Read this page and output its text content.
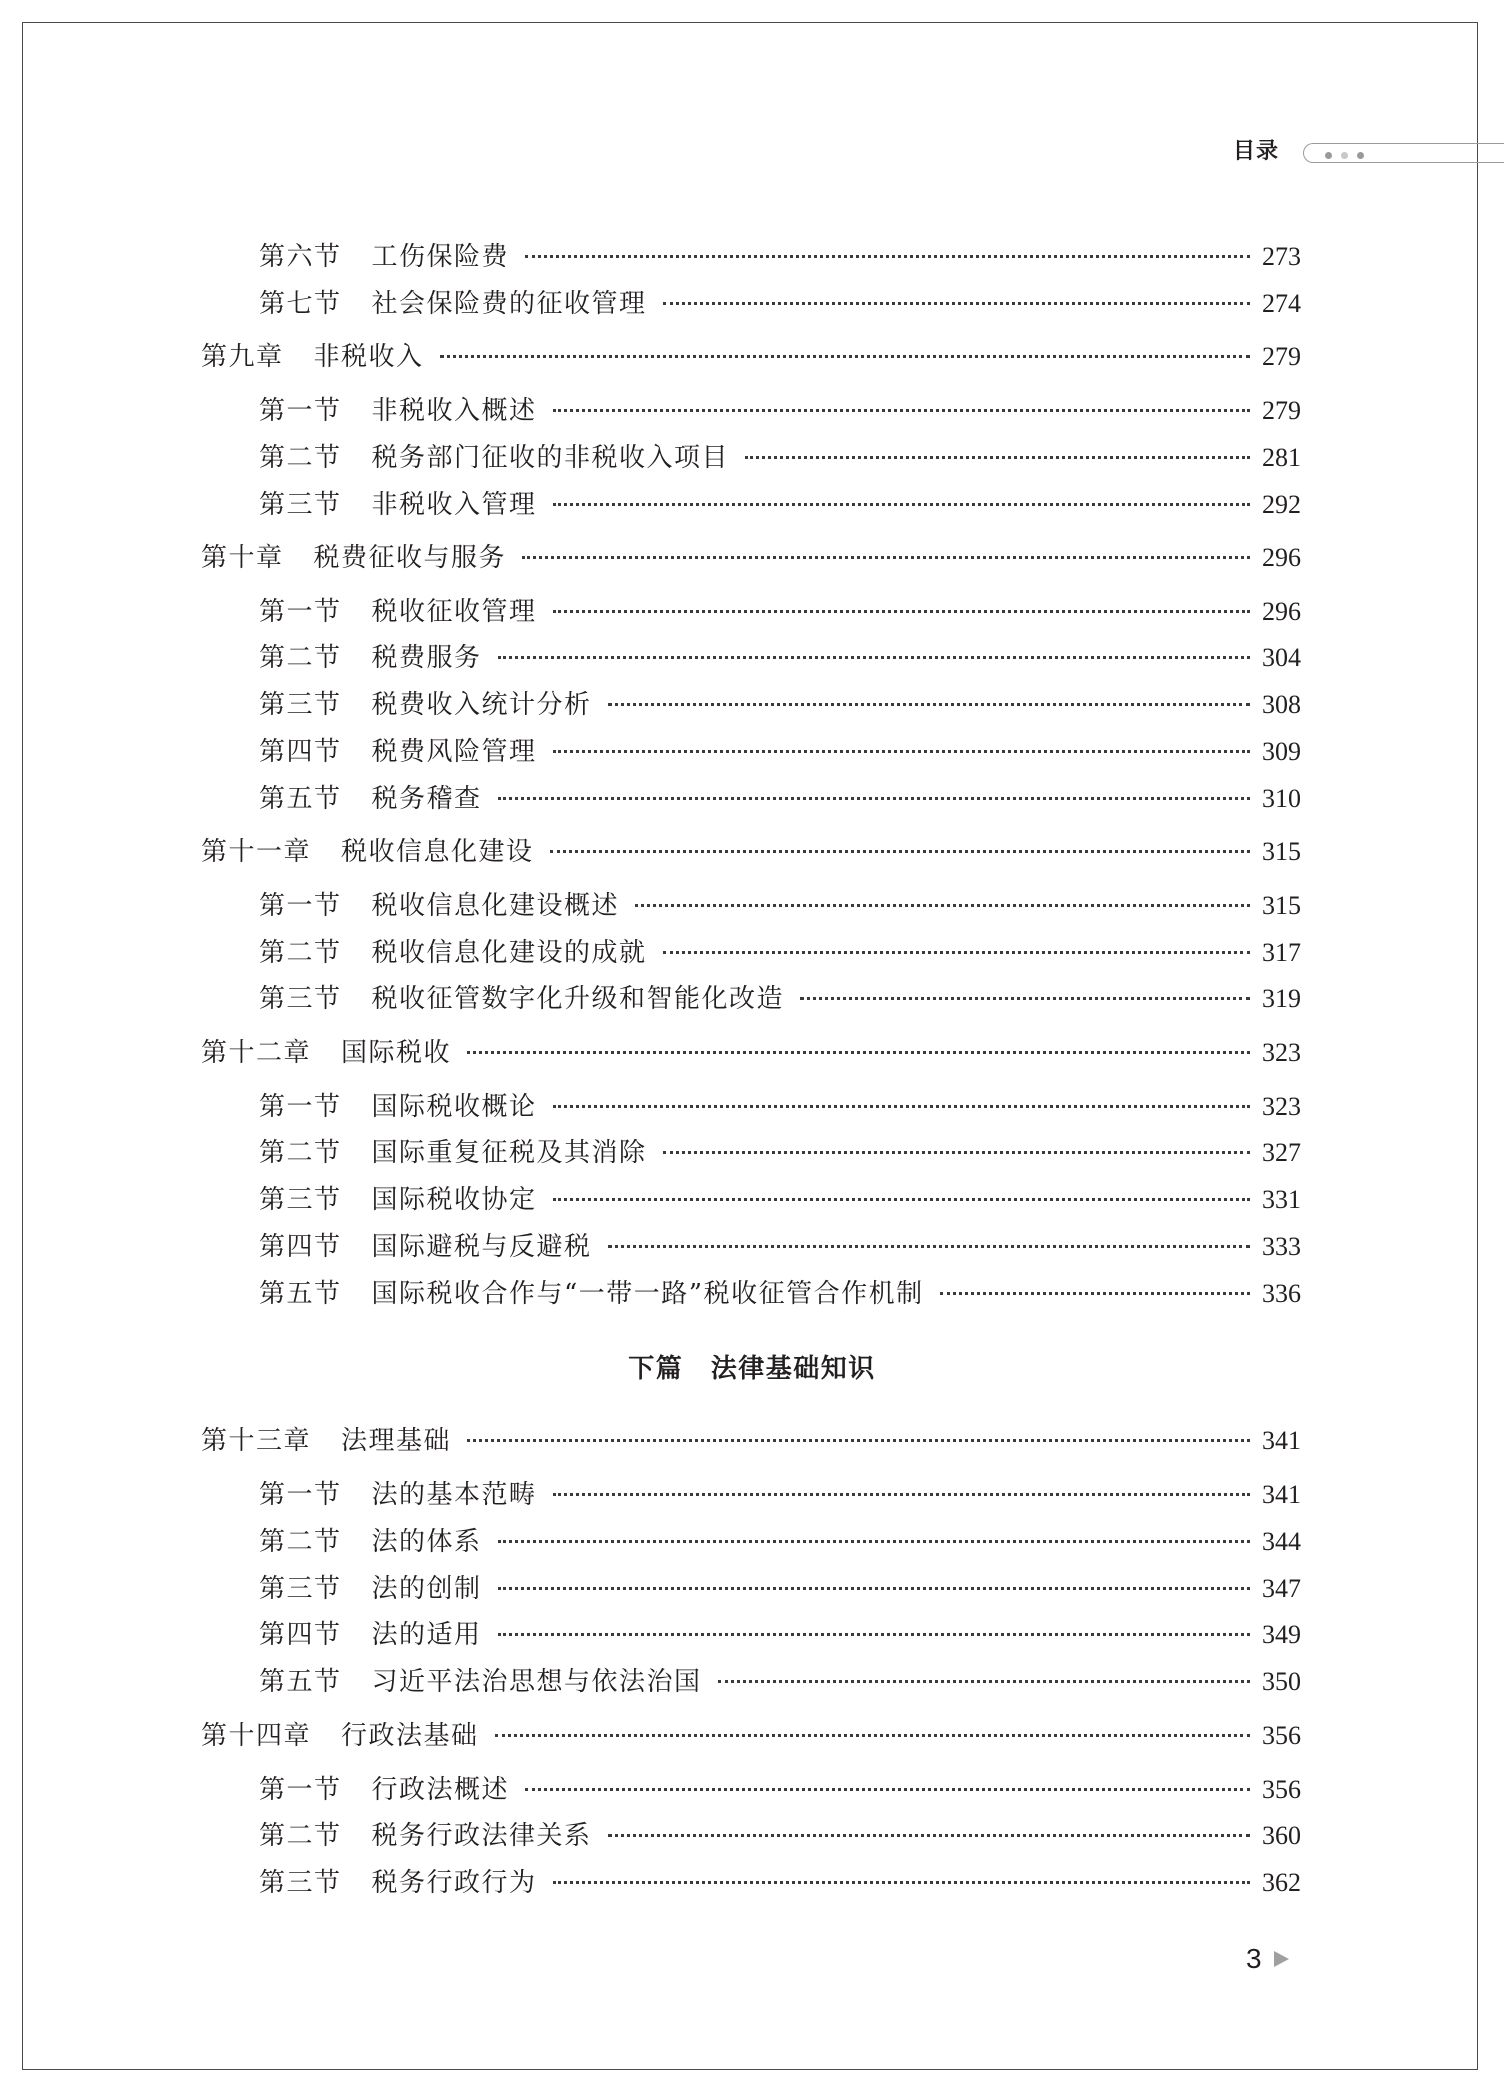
目录
第六节 工伤保险费	273
第七节 社会保险费的征收管理	274
第九章 非税收入	279
第一节 非税收入概述	279
第二节 税务部门征收的非税收入项目	281
第三节 非税收入管理	292
第十章 税费征收与服务	296
第一节 税收征收管理	296
第二节 税费服务	304
第三节 税费收入统计分析	308
第四节 税费风险管理	309
第五节 税务稽查	310
第十一章 税收信息化建设	315
第一节 税收信息化建设概述	315
第二节 税收信息化建设的成就	317
第三节 税收征管数字化升级和智能化改造	319
第十二章 国际税收	323
第一节 国际税收概论	323
第二节 国际重复征税及其消除	327
第三节 国际税收协定	331
第四节 国际避税与反避税	333
第五节 国际税收合作与“一带一路”税收征管合作机制	336
下篇　法律基础知识
第十三章 法理基础	341
第一节 法的基本范畴	341
第二节 法的体系	344
第三节 法的创制	347
第四节 法的适用	349
第五节 习近平法治思想与依法治国	350
第十四章 行政法基础	356
第一节 行政法概述	356
第二节 税务行政法律关系	360
第三节 税务行政行为	362
3
